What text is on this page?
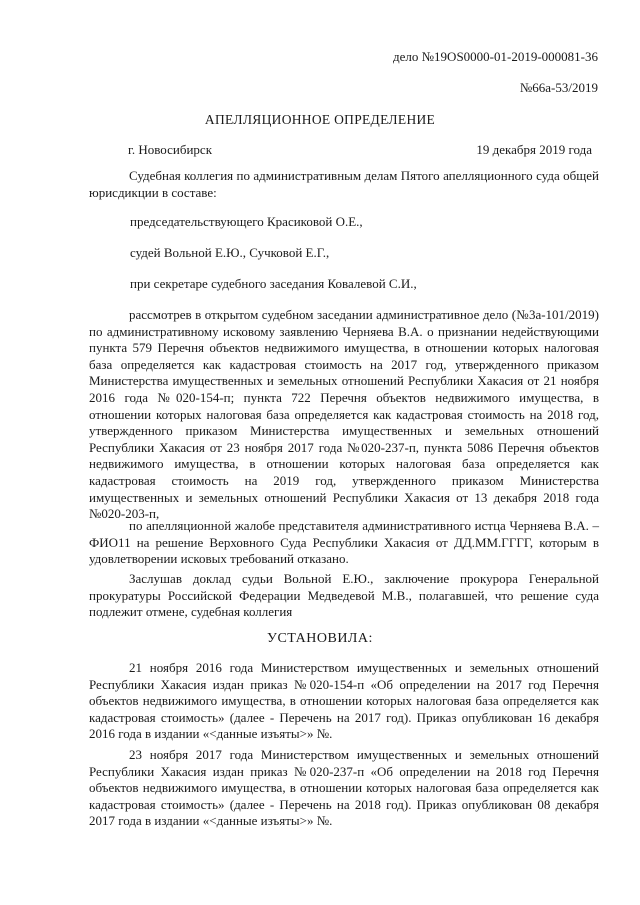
дело №19OS0000-01-2019-000081-36
№66а-53/2019
АПЕЛЛЯЦИОННОЕ ОПРЕДЕЛЕНИЕ
г. Новосибирск	19 декабря 2019 года

Судебная коллегия по административным делам Пятого апелляционного суда общей юрисдикции в составе:

председательствующего Красиковой О.Е.,
судей Вольной Е.Ю., Сучковой Е.Г.,
при секретаре судебного заседания Ковалевой С.И.,

рассмотрев в открытом судебном заседании административное дело (№3а-101/2019) по административному исковому заявлению Черняева В.А. о признании недействующими пункта 579 Перечня объектов недвижимого имущества, в отношении которых налоговая база определяется как кадастровая стоимость на 2017 год, утвержденного приказом Министерства имущественных и земельных отношений Республики Хакасия от 21 ноября 2016 года №020-154-п; пункта 722 Перечня объектов недвижимого имущества, в отношении которых налоговая база определяется как кадастровая стоимость на 2018 год, утвержденного приказом Министерства имущественных и земельных отношений Республики Хакасия от 23 ноября 2017 года №020-237-п, пункта 5086 Перечня объектов недвижимого имущества, в отношении которых налоговая база определяется как кадастровая стоимость на 2019 год, утвержденного приказом Министерства имущественных и земельных отношений Республики Хакасия от 13 декабря 2018 года №020-203-п,

по апелляционной жалобе представителя административного истца Черняева В.А. – ФИО11 на решение Верховного Суда Республики Хакасия от ДД.ММ.ГГГГ, которым в удовлетворении исковых требований отказано.

Заслушав доклад судьи Вольной Е.Ю., заключение прокурора Генеральной прокуратуры Российской Федерации Медведевой М.В., полагавшей, что решение суда подлежит отмене, судебная коллегия

УСТАНОВИЛА:

21 ноября 2016 года Министерством имущественных и земельных отношений Республики Хакасия издан приказ №020-154-п «Об определении на 2017 год Перечня объектов недвижимого имущества, в отношении которых налоговая база определяется как кадастровая стоимость» (далее - Перечень на 2017 год). Приказ опубликован 16 декабря 2016 года в издании «<данные изъяты>» №.

23 ноября 2017 года Министерством имущественных и земельных отношений Республики Хакасия издан приказ №020-237-п «Об определении на 2018 год Перечня объектов недвижимого имущества, в отношении которых налоговая база определяется как кадастровая стоимость» (далее - Перечень на 2018 год). Приказ опубликован 08 декабря 2017 года в издании «<данные изъяты>» №.
